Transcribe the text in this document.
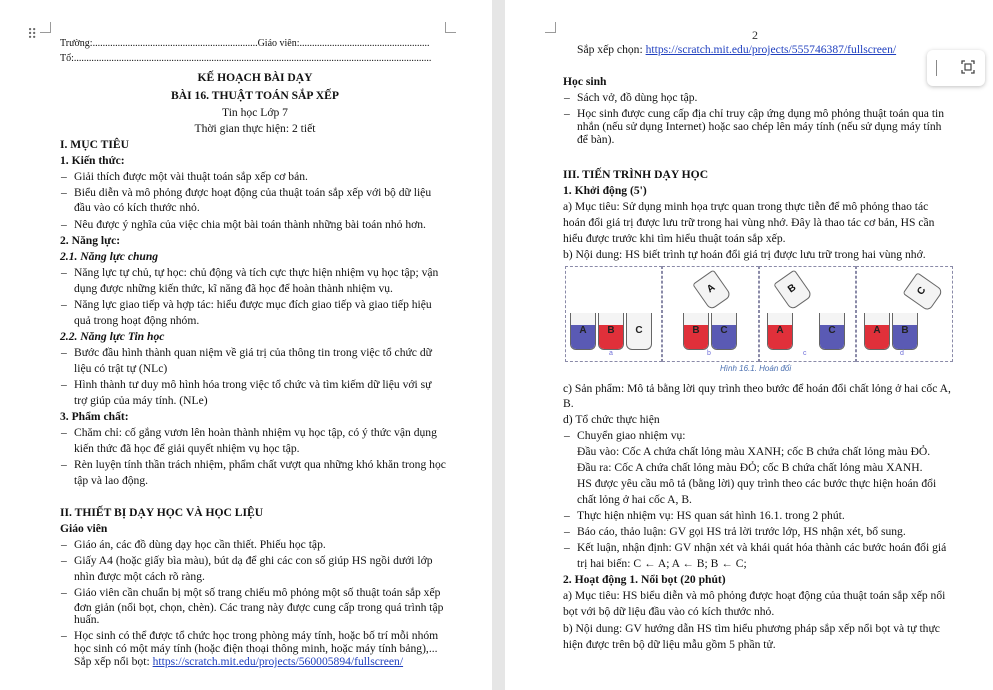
⠿
Trường:..................................................................Giáo viên:....................................................
Tổ:...............................................................................................................................................
KẾ HOẠCH BÀI DẠY
BÀI 16. THUẬT TOÁN SẮP XẾP
Tin học Lớp 7
Thời gian thực hiện: 2 tiết
I. MỤC TIÊU
1. Kiến thức:
– Giải thích được một vài thuật toán sắp xếp cơ bản.
– Biểu diễn và mô phỏng được hoạt động của thuật toán sắp xếp với bộ dữ liệu
đầu vào có kích thước nhỏ.
– Nêu được ý nghĩa của việc chia một bài toán thành những bài toán nhỏ hơn.
2. Năng lực:
2.1. Năng lực chung
– Năng lực tự chủ, tự học: chủ động và tích cực thực hiện nhiệm vụ học tập; vận
dụng được những kiến thức, kĩ năng đã học để hoàn thành nhiệm vụ.
– Năng lực giao tiếp và hợp tác: hiểu được mục đích giao tiếp và giao tiếp hiệu
quả trong hoạt động nhóm.
2.2. Năng lực Tin học
– Bước đầu hình thành quan niệm về giá trị của thông tin trong việc tổ chức dữ
liệu có trật tự (NLc)
– Hình thành tư duy mô hình hóa trong việc tổ chức và tìm kiếm dữ liệu với sự
trợ giúp của máy tính. (NLe)
3. Phẩm chất:
– Chăm chỉ: cố gắng vươn lên hoàn thành nhiệm vụ học tập, có ý thức vận dụng
kiến thức đã học để giải quyết nhiệm vụ học tập.
– Rèn luyện tính thần trách nhiệm, phẩm chất vượt qua những khó khăn trong học
tập và lao động.
II. THIẾT BỊ DẠY HỌC VÀ HỌC LIỆU
Giáo viên
– Giáo án, các đồ dùng dạy học cần thiết. Phiếu học tập.
– Giấy A4 (hoặc giấy bìa màu), bút dạ để ghi các con số giúp HS ngồi dưới lớp
nhìn được một cách rõ ràng.
– Giáo viên cần chuẩn bị một số trang chiếu mô phỏng một số thuật toán sắp xếp
đơn giản (nổi bọt, chọn, chèn). Các trang này được cung cấp trong quá trình tập
huấn.
– Học sinh có thể được tổ chức học trong phòng máy tính, hoặc bố trí mỗi nhóm
học sinh có một máy tính (hoặc điện thoại thông minh, hoặc máy tính bảng),...
Sắp xếp nổi bọt: https://scratch.mit.edu/projects/560005894/fullscreen/
2
Sắp xếp chọn: https://scratch.mit.edu/projects/555746387/fullscreen/
Học sinh
– Sách vở, đồ dùng học tập.
– Học sinh được cung cấp địa chỉ truy cập ứng dụng mô phỏng thuật toán qua tin
nhắn (nếu sử dụng Internet) hoặc sao chép lên máy tính (nếu sử dụng máy tính
để bàn).
III. TIẾN TRÌNH DẠY HỌC
1. Khởi động (5')
a) Mục tiêu: Sử dụng minh họa trực quan trong thực tiễn để mô phỏng thao tác
hoán đổi giá trị được lưu trữ trong hai vùng nhớ. Đây là thao tác cơ bản, HS cần
hiểu được trước khi tìm hiểu thuật toán sắp xếp.
b) Nội dung: HS biết trình tự hoán đổi giá trị được lưu trữ trong hai vùng nhớ.
A	B	C
a
A
B	C
b
B
A	C
c
C
A	B
d
Hình 16.1. Hoán đổi
c) Sản phẩm: Mô tả bằng lời quy trình theo bước để hoán đổi chất lỏng ở hai cốc A,
B.
d) Tổ chức thực hiện
– Chuyển giao nhiệm vụ:
Đầu vào: Cốc A chứa chất lỏng màu XANH; cốc B chứa chất lỏng màu ĐỎ.
Đầu ra: Cốc A chứa chất lỏng màu ĐỎ; cốc B chứa chất lỏng màu XANH.
HS được yêu cầu mô tả (bằng lời) quy trình theo các bước thực hiện hoán đổi
chất lỏng ở hai cốc A, B.
– Thực hiện nhiệm vụ: HS quan sát hình 16.1. trong 2 phút.
– Báo cáo, thảo luận: GV gọi HS trả lời trước lớp, HS nhận xét, bổ sung.
– Kết luận, nhận định: GV nhận xét và khái quát hóa thành các bước hoán đổi giá
trị hai biến: C ← A; A ← B; B ← C;
2. Hoạt động 1. Nổi bọt (20 phút)
a) Mục tiêu: HS biểu diễn và mô phỏng được hoạt động của thuật toán sắp xếp nổi
bọt với bộ dữ liệu đầu vào có kích thước nhỏ.
b) Nội dung: GV hướng dẫn HS tìm hiểu phương pháp sắp xếp nổi bọt và tự thực
hiện được trên bộ dữ liệu mẫu gồm 5 phần tử.
